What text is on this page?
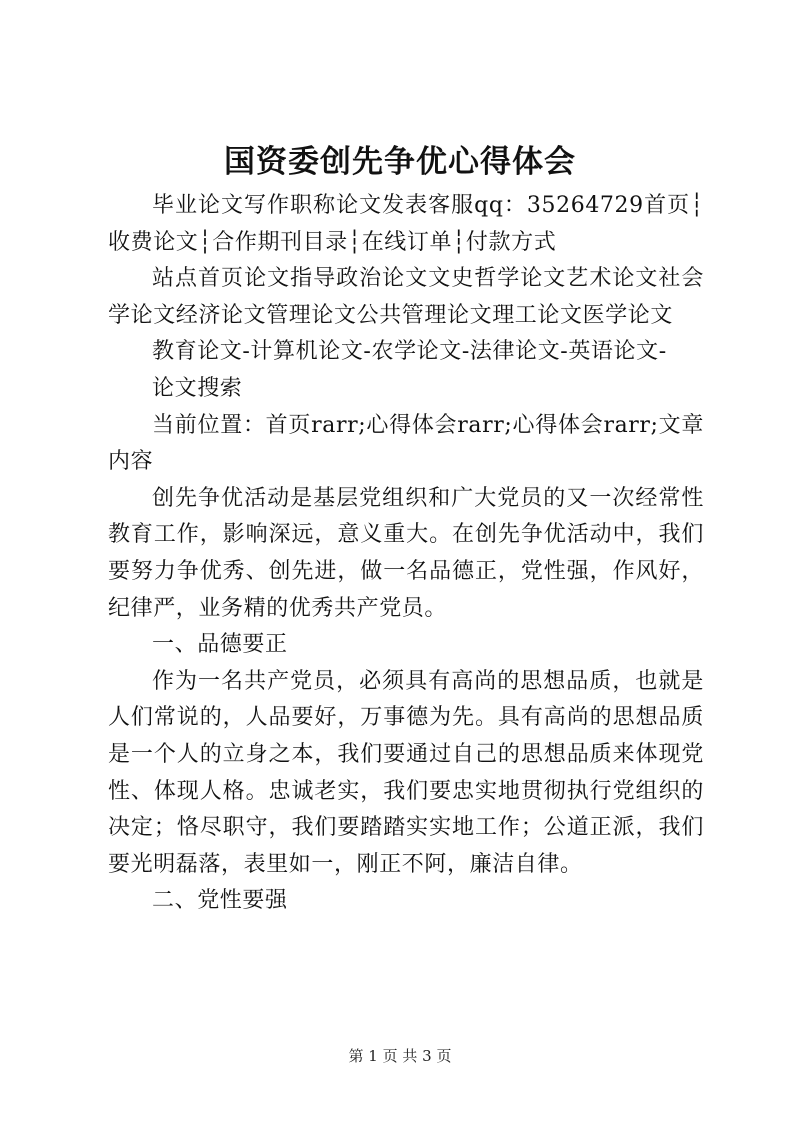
国资委创先争优心得体会

毕业论文写作职称论文发表客服qq：35264729首页┆收费论文┆合作期刊目录┆在线订单┆付款方式

站点首页论文指导政治论文文史哲学论文艺术论文社会学论文经济论文管理论文公共管理论文理工论文医学论文

教育论文-计算机论文-农学论文-法律论文-英语论文-

论文搜索

当前位置：首页rarr;心得体会rarr;心得体会rarr;文章内容

创先争优活动是基层党组织和广大党员的又一次经常性教育工作，影响深远，意义重大。在创先争优活动中，我们要努力争优秀、创先进，做一名品德正，党性强，作风好，纪律严，业务精的优秀共产党员。

一、品德要正

作为一名共产党员，必须具有高尚的思想品质，也就是人们常说的，人品要好，万事德为先。具有高尚的思想品质是一个人的立身之本，我们要通过自己的思想品质来体现党性、体现人格。忠诚老实，我们要忠实地贯彻执行党组织的决定；恪尽职守，我们要踏踏实实地工作；公道正派，我们要光明磊落，表里如一，刚正不阿，廉洁自律。

二、党性要强

第 1 页 共 3 页
